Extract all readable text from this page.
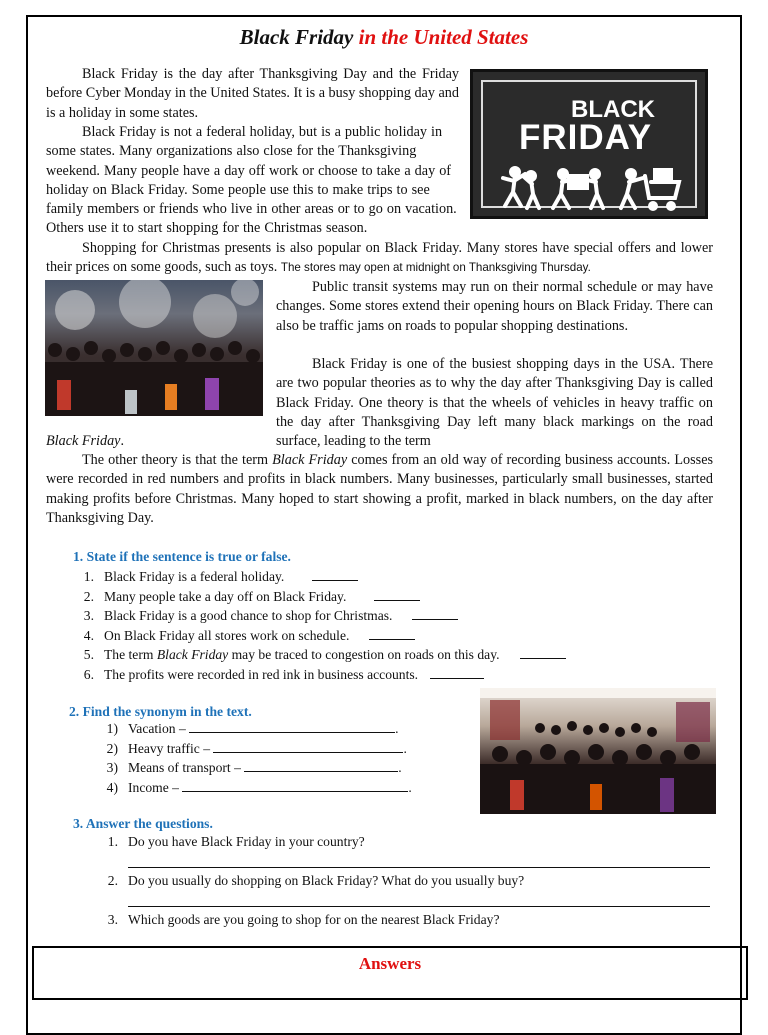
Black Friday in the United States
BLACK
FRIDAY

Black Friday is the day after Thanksgiving Day and the Friday before Cyber Monday in the United States. It is a busy shopping day and is a holiday in some states.

Black Friday is not a federal holiday, but is a public holiday in some states. Many organizations also close for the Thanksgiving weekend. Many people have a day off work or choose to take a day of holiday on Black Friday. Some people use this to make trips to see family members or friends who live in other areas or to go on vacation. Others use it to start shopping for the Christmas season.

Shopping for Christmas presents is also popular on Black Friday. Many stores have special offers and lower their prices on some goods, such as toys. The stores may open at midnight on Thanksgiving Thursday.

Public transit systems may run on their normal schedule or may have changes. Some stores extend their opening hours on Black Friday. There can also be traffic jams on roads to popular shopping destinations.

Black Friday is one of the busiest shopping days in the USA. There are two popular theories as to why the day after Thanksgiving Day is called Black Friday. One theory is that the wheels of vehicles in heavy traffic on the day after Thanksgiving Day left many black markings on the road surface, leading to the term

Black Friday.

The other theory is that the term Black Friday comes from an old way of recording business accounts. Losses were recorded in red numbers and profits in black numbers. Many businesses, particularly small businesses, started making profits before Christmas. Many hoped to start showing a profit, marked in black numbers, on the day after Thanksgiving Day.

1. State if the sentence is true or false.
1. Black Friday is a federal holiday.
2. Many people take a day off on Black Friday.
3. Black Friday is a good chance to shop for Christmas.
4. On Black Friday all stores work on schedule.
5. The term Black Friday may be traced to congestion on roads on this day.
6. The profits were recorded in red ink in business accounts.
2. Find the synonym in the text.
1) Vacation –	.
2) Heavy traffic –	.
3) Means of transport –	.
4) Income –	.
3. Answer the questions.
1. Do you have Black Friday in your country?
2. Do you usually do shopping on Black Friday? What do you usually buy?
3. Which goods are you going to shop for on the nearest Black Friday?
Answers
